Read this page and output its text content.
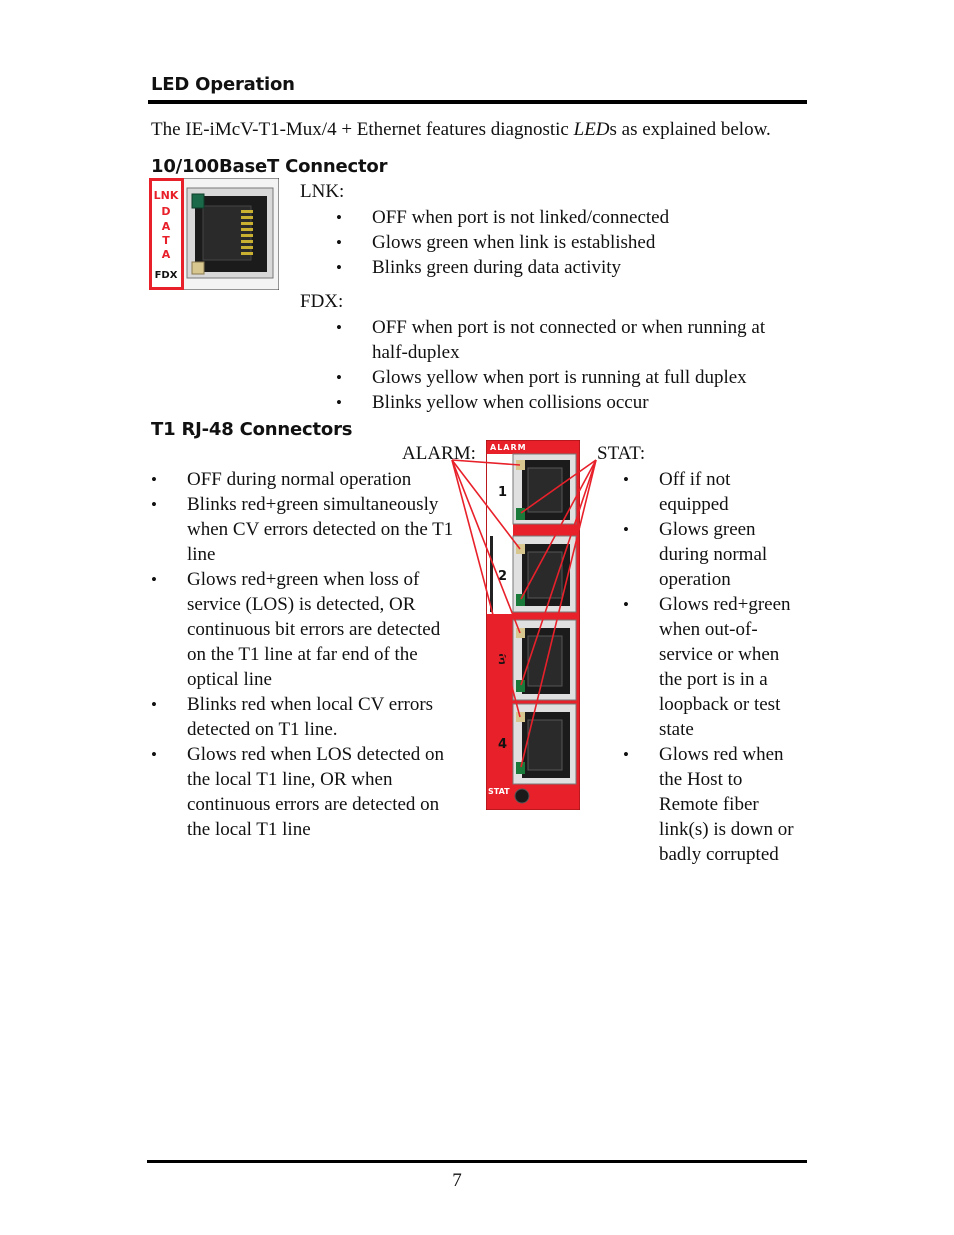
LED Operation
The IE-iMcV-T1-Mux/4 + Ethernet features diagnostic LEDs as explained below.
10/100BaseT Connector
LNK
D
A
T
A
FDX
LNK:
• OFF when port is not linked/connected
• Glows green when link is established
• Blinks green during data activity
FDX:
• OFF when port is not connected or when running at half-duplex
• Glows yellow when port is running at full duplex
• Blinks yellow when collisions occur
T1 RJ-48 Connectors
ALARM:	STAT:
• OFF during normal operation
• Blinks red+green simultaneously when CV errors detected on the T1 line
• Glows red+green when loss of service (LOS) is detected, OR continuous bit errors are detected on the T1 line at far end of the optical line
• Blinks red when local CV errors detected on T1 line.
• Glows red when LOS detected on the local T1 line, OR when continuous errors are detected on the local T1 line
• Off if not equipped
• Glows green during normal operation
• Glows red+green when out-of-service or when the port is in a loopback or test state
• Glows red when the Host to Remote fiber link(s) is down or badly corrupted
ALARM
1
2
3
4
STAT
7
